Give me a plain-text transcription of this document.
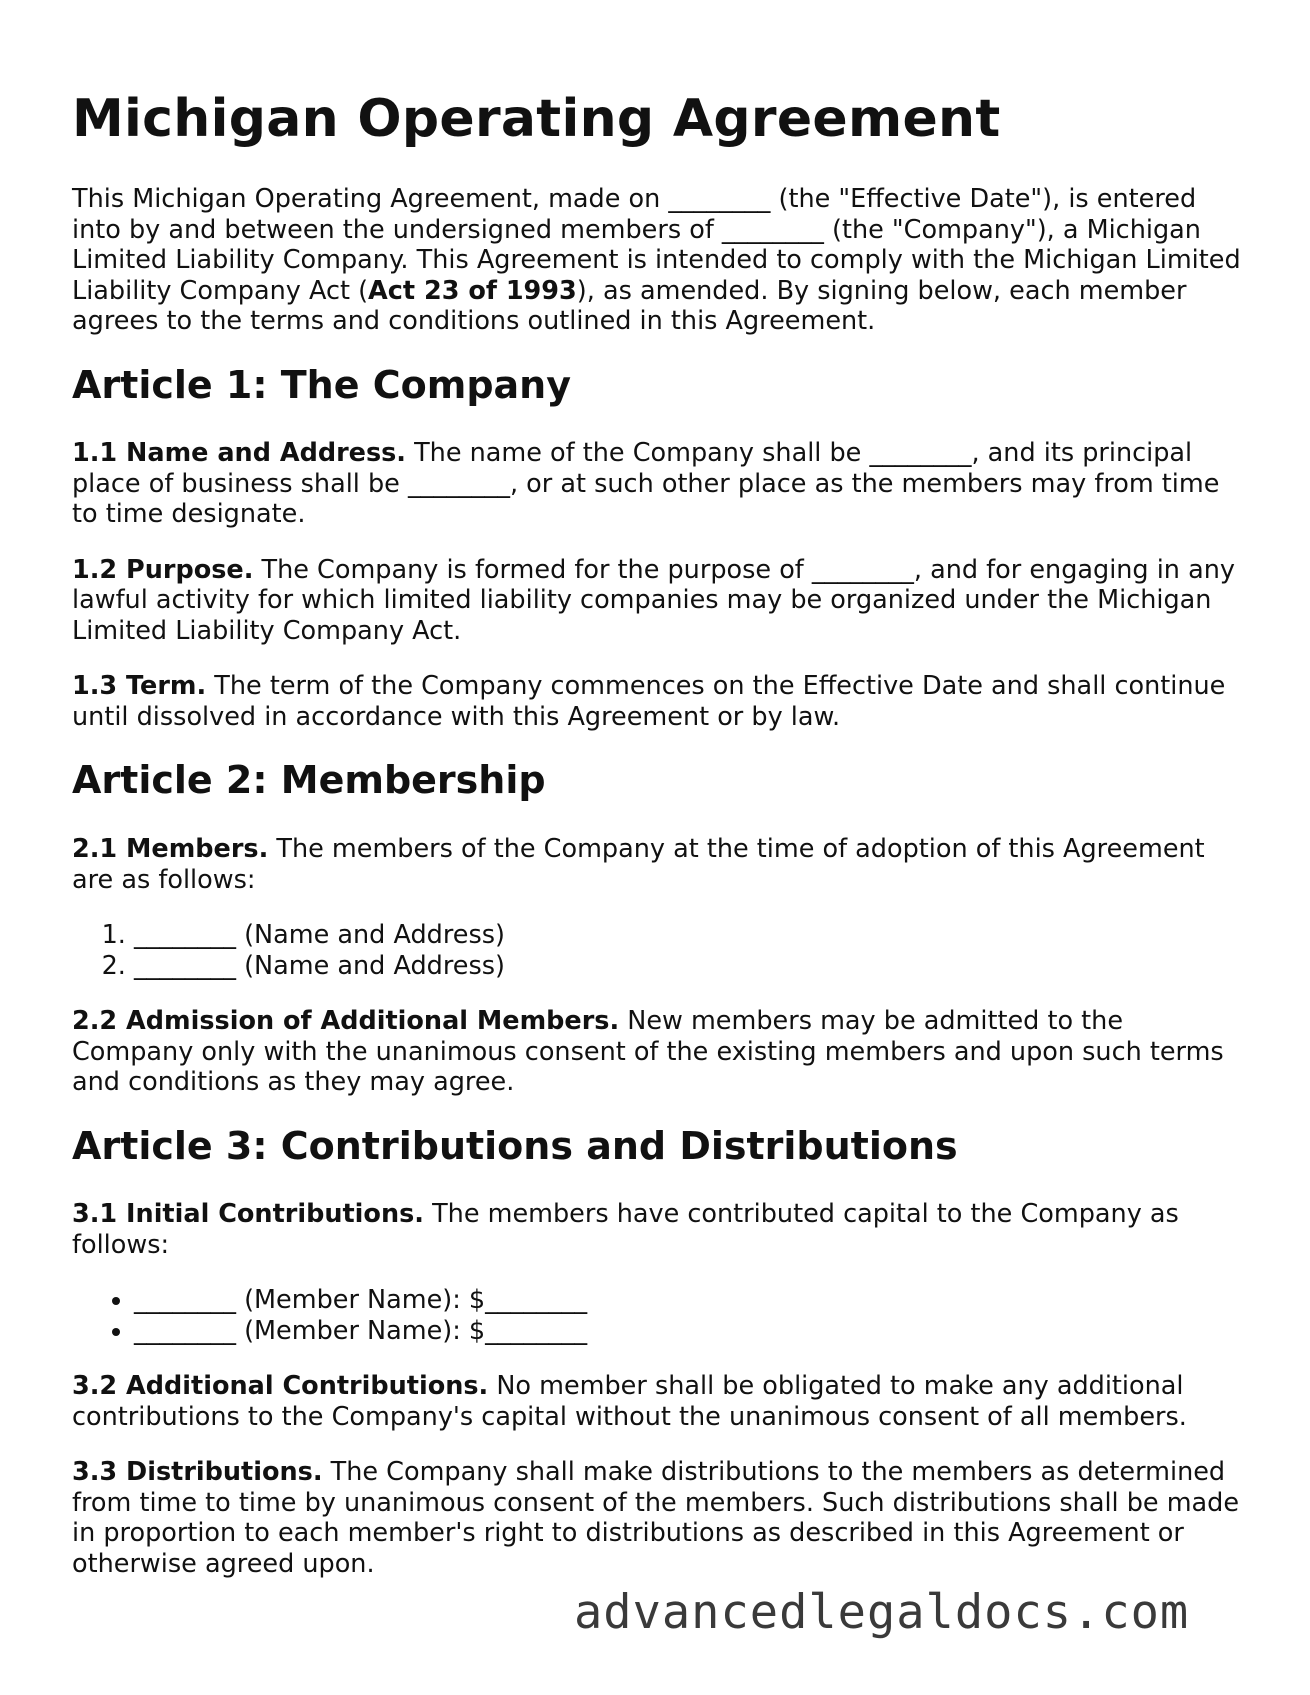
Michigan Operating Agreement

This Michigan Operating Agreement, made on ________ (the "Effective Date"), is entered into by and between the undersigned members of ________ (the "Company"), a Michigan Limited Liability Company. This Agreement is intended to comply with the Michigan Limited Liability Company Act (Act 23 of 1993), as amended. By signing below, each member agrees to the terms and conditions outlined in this Agreement.

Article 1: The Company

1.1 Name and Address. The name of the Company shall be ________, and its principal place of business shall be ________, or at such other place as the members may from time to time designate.

1.2 Purpose. The Company is formed for the purpose of ________, and for engaging in any lawful activity for which limited liability companies may be organized under the Michigan Limited Liability Company Act.

1.3 Term. The term of the Company commences on the Effective Date and shall continue until dissolved in accordance with this Agreement or by law.

Article 2: Membership

2.1 Members. The members of the Company at the time of adoption of this Agreement are as follows:

1. ________ (Name and Address)
2. ________ (Name and Address)

2.2 Admission of Additional Members. New members may be admitted to the Company only with the unanimous consent of the existing members and upon such terms and conditions as they may agree.

Article 3: Contributions and Distributions

3.1 Initial Contributions. The members have contributed capital to the Company as follows:

• ________ (Member Name): $________
• ________ (Member Name): $________

3.2 Additional Contributions. No member shall be obligated to make any additional contributions to the Company's capital without the unanimous consent of all members.

3.3 Distributions. The Company shall make distributions to the members as determined from time to time by unanimous consent of the members. Such distributions shall be made in proportion to each member's right to distributions as described in this Agreement or otherwise agreed upon.

advancedlegaldocs.com
